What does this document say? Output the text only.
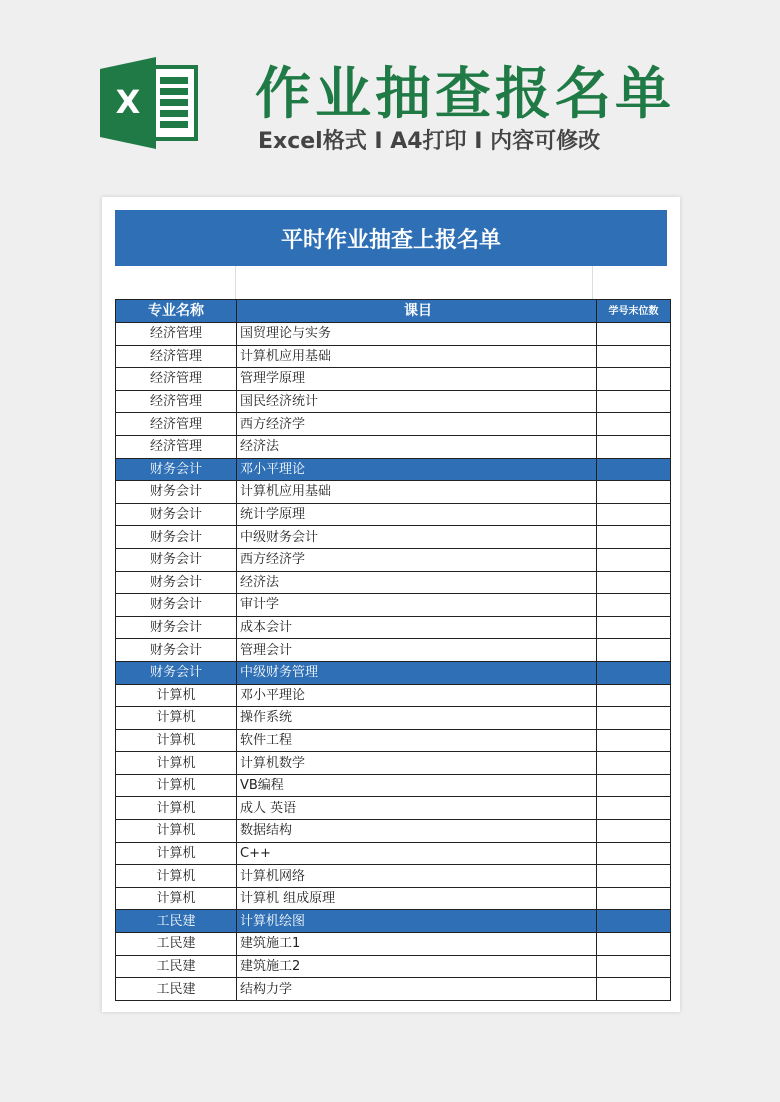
X 作业抽查报名单
Excel格式 I A4打印 I 内容可修改
平时作业抽查上报名单
专业名称	课目	学号末位数
经济管理	国贸理论与实务	
经济管理	计算机应用基础	
经济管理	管理学原理	
经济管理	国民经济统计	
经济管理	西方经济学	
经济管理	经济法	
财务会计	邓小平理论	
财务会计	计算机应用基础	
财务会计	统计学原理	
财务会计	中级财务会计	
财务会计	西方经济学	
财务会计	经济法	
财务会计	审计学	
财务会计	成本会计	
财务会计	管理会计	
财务会计	中级财务管理	
计算机	邓小平理论	
计算机	操作系统	
计算机	软件工程	
计算机	计算机数学	
计算机	VB编程	
计算机	成人 英语	
计算机	数据结构	
计算机	C++	
计算机	计算机网络	
计算机	计算机 组成原理	
工民建	计算机绘图	
工民建	建筑施工1	
工民建	建筑施工2	
工民建	结构力学	
